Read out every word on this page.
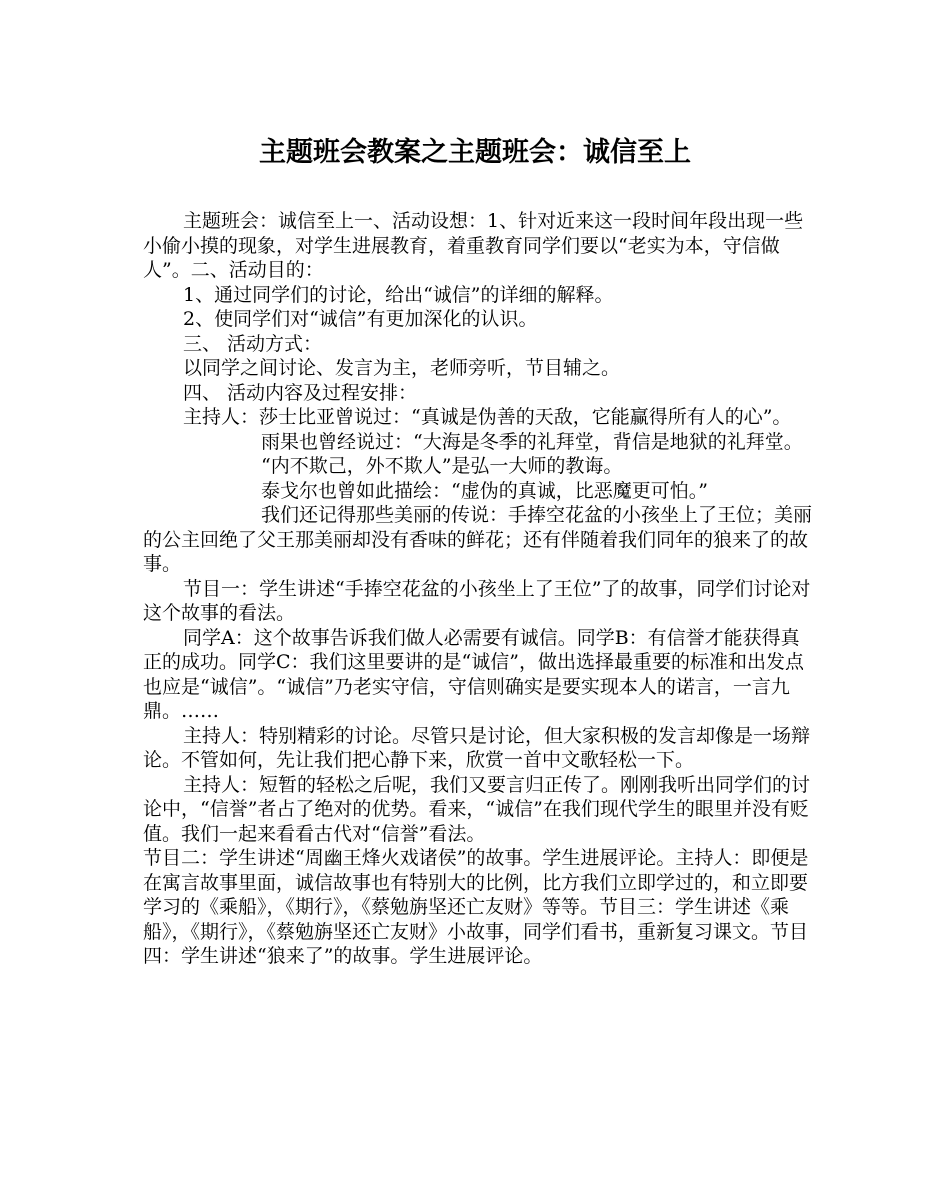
主题班会教案之主题班会：诚信至上

主题班会：诚信至上一、活动设想：1、针对近来这一段时间年段出现一些小偷小摸的现象，对学生进展教育，着重教育同学们要以“老实为本，守信做人”。二、活动目的：

1、通过同学们的讨论，给出“诚信”的详细的解释。

2、使同学们对“诚信”有更加深化的认识。

三、 活动方式：

以同学之间讨论、发言为主，老师旁听，节目辅之。

四、 活动内容及过程安排：

主持人：莎士比亚曾说过：“真诚是伪善的天敌，它能赢得所有人的心”。

雨果也曾经说过：“大海是冬季的礼拜堂，背信是地狱的礼拜堂。

“内不欺己，外不欺人”是弘一大师的教诲。

泰戈尔也曾如此描绘：“虚伪的真诚，比恶魔更可怕。”

我们还记得那些美丽的传说：手捧空花盆的小孩坐上了王位；美丽的公主回绝了父王那美丽却没有香味的鲜花；还有伴随着我们同年的狼来了的故事。

节目一：学生讲述“手捧空花盆的小孩坐上了王位”了的故事，同学们讨论对这个故事的看法。

同学A：这个故事告诉我们做人必需要有诚信。同学B：有信誉才能获得真正的成功。同学C：我们这里要讲的是“诚信”，做出选择最重要的标准和出发点也应是“诚信”。“诚信”乃老实守信，守信则确实是要实现本人的诺言，一言九鼎。……

主持人：特别精彩的讨论。尽管只是讨论，但大家积极的发言却像是一场辩论。不管如何，先让我们把心静下来，欣赏一首中文歌轻松一下。

主持人：短暂的轻松之后呢，我们又要言归正传了。刚刚我听出同学们的讨论中，“信誉”者占了绝对的优势。看来，“诚信”在我们现代学生的眼里并没有贬值。我们一起来看看古代对“信誉”看法。

节目二：学生讲述“周幽王烽火戏诸侯”的故事。学生进展评论。主持人：即便是在寓言故事里面，诚信故事也有特别大的比例，比方我们立即学过的，和立即要学习的《乘船》，《期行》，《蔡勉旃坚还亡友财》等等。节目三：学生讲述《乘船》，《期行》，《蔡勉旃坚还亡友财》小故事，同学们看书，重新复习课文。节目四：学生讲述“狼来了”的故事。学生进展评论。
